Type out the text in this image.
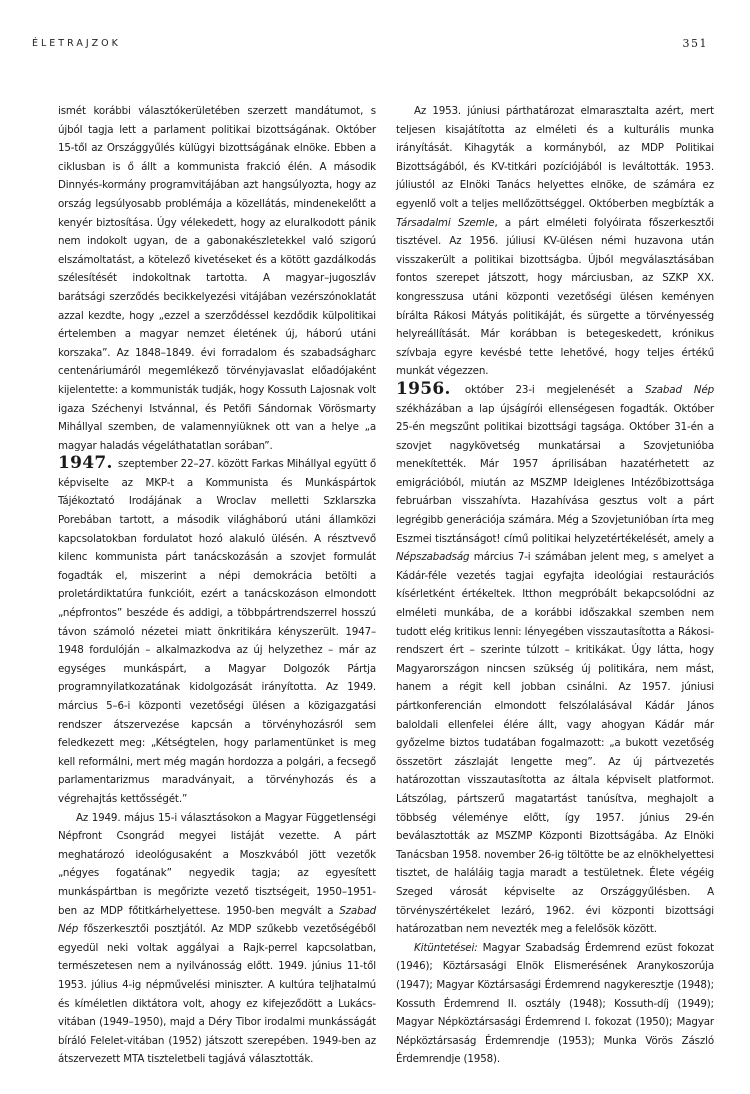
ÉLETRAJZOK	351

ismét korábbi választókerületében szerzett mandátumot, s újból tagja lett a parlament politikai bizottságának. Október 15-től az Országgyűlés külügyi bizottságának elnöke. Ebben a ciklusban is ő állt a kommunista frakció élén. A második Dinnyés-kormány programvitájában azt hangsúlyozta, hogy az ország legsúlyosabb problémája a közellátás, mindenekelőtt a kenyér biztosítása. Úgy vélekedett, hogy az eluralkodott pánik nem indokolt ugyan, de a gabonakészletekkel való szigorú elszámoltatást, a kötelező kivetéseket és a kötött gazdálkodás szélesítését indokoltnak tartotta. A magyar–jugoszláv barátsági szerződés becikkelyezési vitájában vezérszónoklatát azzal kezdte, hogy „ezzel a szerződéssel kezdődik külpolitikai értelemben a magyar nemzet életének új, háború utáni korszaka”. Az 1848–1849. évi forradalom és szabadságharc centenáriumáról megemlékező törvényjavaslat előadójaként kijelentette: a kommunisták tudják, hogy Kossuth Lajosnak volt igaza Széchenyi Istvánnal, és Petőfi Sándornak Vörösmarty Mihállyal szemben, de valamennyiüknek ott van a helye „a magyar haladás végeláthatatlan sorában”.

1947. szeptember 22–27. között Farkas Mihállyal együtt ő képviselte az MKP-t a Kommunista és Munkáspártok Tájékoztató Irodájának a Wroclav melletti Szklarszka Porebában tartott, a második világháború utáni államközi kapcsolatokban fordulatot hozó alakuló ülésén. A résztvevő kilenc kommunista párt tanácskozásán a szovjet formulát fogadták el, miszerint a népi demokrácia betölti a proletárdiktatúra funkcióit, ezért a tanácskozáson elmondott „népfrontos” beszéde és addigi, a többpártrendszerrel hosszú távon számoló nézetei miatt önkritikára kényszerült. 1947–1948 fordulóján – alkalmazkodva az új helyzethez – már az egységes munkáspárt, a Magyar Dolgozók Pártja programnyilatkozatának kidolgozását irányította. Az 1949. március 5–6-i központi vezetőségi ülésen a közigazgatási rendszer átszervezése kapcsán a törvényhozásról sem feledkezett meg: „Kétségtelen, hogy parlamentünket is meg kell reformálni, mert még magán hordozza a polgári, a fecsegő parlamentarizmus maradványait, a törvényhozás és a végrehajtás kettősségét.”

Az 1949. május 15-i választásokon a Magyar Függetlenségi Népfront Csongrád megyei listáját vezette. A párt meghatározó ideológusaként a Moszkvából jött vezetők „négyes fogatának” negyedik tagja; az egyesített munkáspártban is megőrizte vezető tisztségeit, 1950–1951-ben az MDP főtitkárhelyettese. 1950-ben megvált a Szabad Nép főszerkesztői posztjától. Az MDP szűkebb vezetőségéből egyedül neki voltak aggályai a Rajk-perrel kapcsolatban, természetesen nem a nyilvánosság előtt. 1949. június 11-től 1953. július 4-ig népművelési miniszter. A kultúra teljhatalmú és kíméletlen diktátora volt, ahogy ez kifejeződött a Lukács-vitában (1949–1950), majd a Déry Tibor irodalmi munkásságát bíráló Felelet-vitában (1952) játszott szerepében. 1949-ben az átszervezett MTA tiszteletbeli tagjává választották.

Az 1953. júniusi párthatározat elmarasztalta azért, mert teljesen kisajátította az elméleti és a kulturális munka irányítását. Kihagyták a kormányból, az MDP Politikai Bizottságából, és KV-titkári pozíciójából is leváltották. 1953. júliustól az Elnöki Tanács helyettes elnöke, de számára ez egyenlő volt a teljes mellőzöttséggel. Októberben megbízták a Társadalmi Szemle, a párt elméleti folyóirata főszerkesztői tisztével. Az 1956. júliusi KV-ülésen némi huzavona után visszakerült a politikai bizottságba. Újból megválasztásában fontos szerepet játszott, hogy márciusban, az SZKP XX. kongresszusa utáni központi vezetőségi ülésen keményen bírálta Rákosi Mátyás politikáját, és sürgette a törvényesség helyreállítását. Már korábban is betegeskedett, krónikus szívbaja egyre kevésbé tette lehetővé, hogy teljes értékű munkát végezzen.

1956. október 23-i megjelenését a Szabad Nép székházában a lap újságírói ellenségesen fogadták. Október 25-én megszűnt politikai bizottsági tagsága. Október 31-én a szovjet nagykövetség munkatársai a Szovjetunióba menekítették. Már 1957 áprilisában hazatérhetett az emigrációból, miután az MSZMP Ideiglenes Intézőbizottsága februárban visszahívta. Hazahívása gesztus volt a párt legrégibb generációja számára. Még a Szovjetunióban írta meg Eszmei tisztánságot! című politikai helyzetértékelését, amely a Népszabadság március 7-i számában jelent meg, s amelyet a Kádár-féle vezetés tagjai egyfajta ideológiai restaurációs kísérletként értékeltek. Itthon megpróbált bekapcsolódni az elméleti munkába, de a korábbi időszakkal szemben nem tudott elég kritikus lenni: lényegében visszautasította a Rákosi-rendszert ért – szerinte túlzott – kritikákat. Úgy látta, hogy Magyarországon nincsen szükség új politikára, nem mást, hanem a régit kell jobban csinálni. Az 1957. júniusi pártkonferencián elmondott felszólalásával Kádár János baloldali ellenfelei élére állt, vagy ahogyan Kádár már győzelme biztos tudatában fogalmazott: „a bukott vezetőség összetört zászlaját lengette meg”. Az új pártvezetés határozottan visszautasította az általa képviselt platformot. Látszólag, pártszerű magatartást tanúsítva, meghajolt a többség véleménye előtt, így 1957. június 29-én beválasztották az MSZMP Központi Bizottságába. Az Elnöki Tanácsban 1958. november 26-ig töltötte be az elnökhelyettesi tisztet, de haláláig tagja maradt a testületnek. Élete végéig Szeged városát képviselte az Országgyűlésben. A törvényszértékelet lezáró, 1962. évi központi bizottsági határozatban nem nevezték meg a felelősök között.

Kitüntetései: Magyar Szabadság Érdemrend ezüst fokozat (1946); Köztársasági Elnök Elismerésének Aranykoszorúja (1947); Magyar Köztársasági Érdemrend nagykeresztje (1948); Kossuth Érdemrend II. osztály (1948); Kossuth-díj (1949); Magyar Népköztársasági Érdemrend I. fokozat (1950); Magyar Népköztársaság Érdemrendje (1953); Munka Vörös Zászló Érdemrendje (1958).
